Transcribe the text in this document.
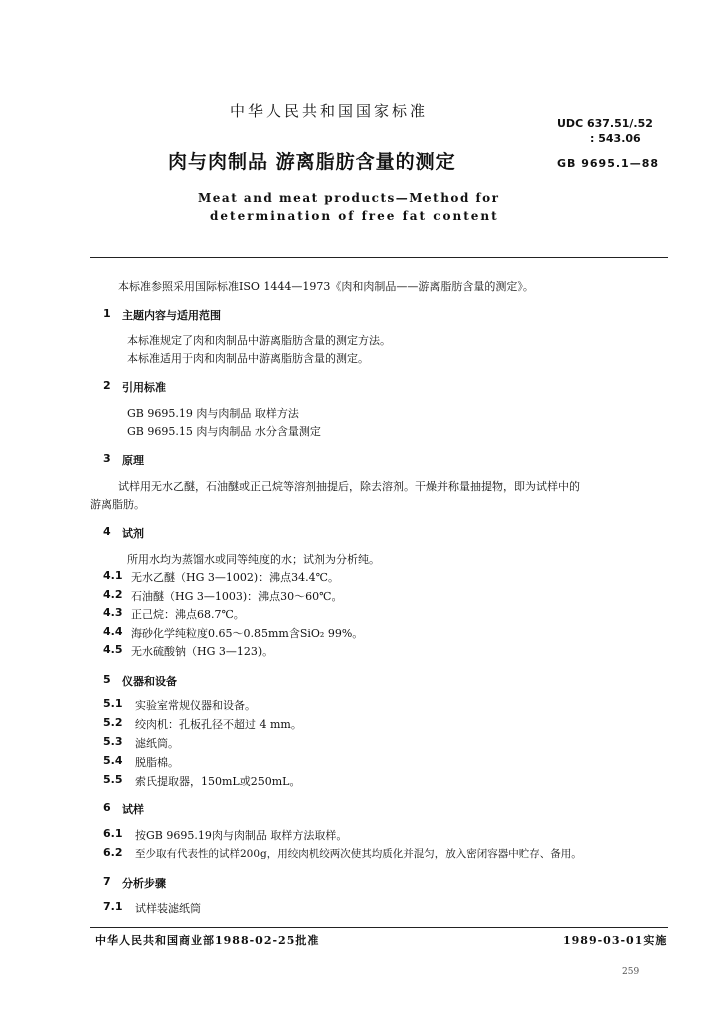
中华人民共和国国家标准
UDC 637.51/.52
: 543.06
肉与肉制品 游离脂肪含量的测定	GB 9695.1—88
Meat and meat products—Method for
determination of free fat content
本标准参照采用国际标准ISO 1444—1973《肉和肉制品——游离脂肪含量的测定》。
1 主题内容与适用范围
本标准规定了肉和肉制品中游离脂肪含量的测定方法。
本标准适用于肉和肉制品中游离脂肪含量的测定。
2 引用标准
GB 9695.19 肉与肉制品 取样方法
GB 9695.15 肉与肉制品 水分含量测定
3 原理
试样用无水乙醚，石油醚或正己烷等溶剂抽提后，除去溶剂。干燥并称量抽提物，即为试样中的
游离脂肪。
4 试剂
所用水均为蒸馏水或同等纯度的水；试剂为分析纯。
4.1 无水乙醚（HG 3—1002)：沸点34.4℃。
4.2 石油醚（HG 3—1003)：沸点30～60℃。
4.3 正己烷：沸点68.7℃。
4.4 海砂化学纯粒度0.65～0.85mm含SiO₂ 99%。
4.5 无水硫酸钠（HG 3—123)。
5 仪器和设备
5.1 实验室常规仪器和设备。
5.2 绞肉机：孔板孔径不超过 4 mm。
5.3 滤纸筒。
5.4 脱脂棉。
5.5 索氏提取器，150mL或250mL。
6 试样
6.1 按GB 9695.19肉与肉制品 取样方法取样。
6.2 至少取有代表性的试样200g，用绞肉机绞两次使其均质化并混匀，放入密闭容器中贮存、备用。
7 分析步骤
7.1 试样装滤纸筒
中华人民共和国商业部1988-02-25批准	1989-03-01实施
259
